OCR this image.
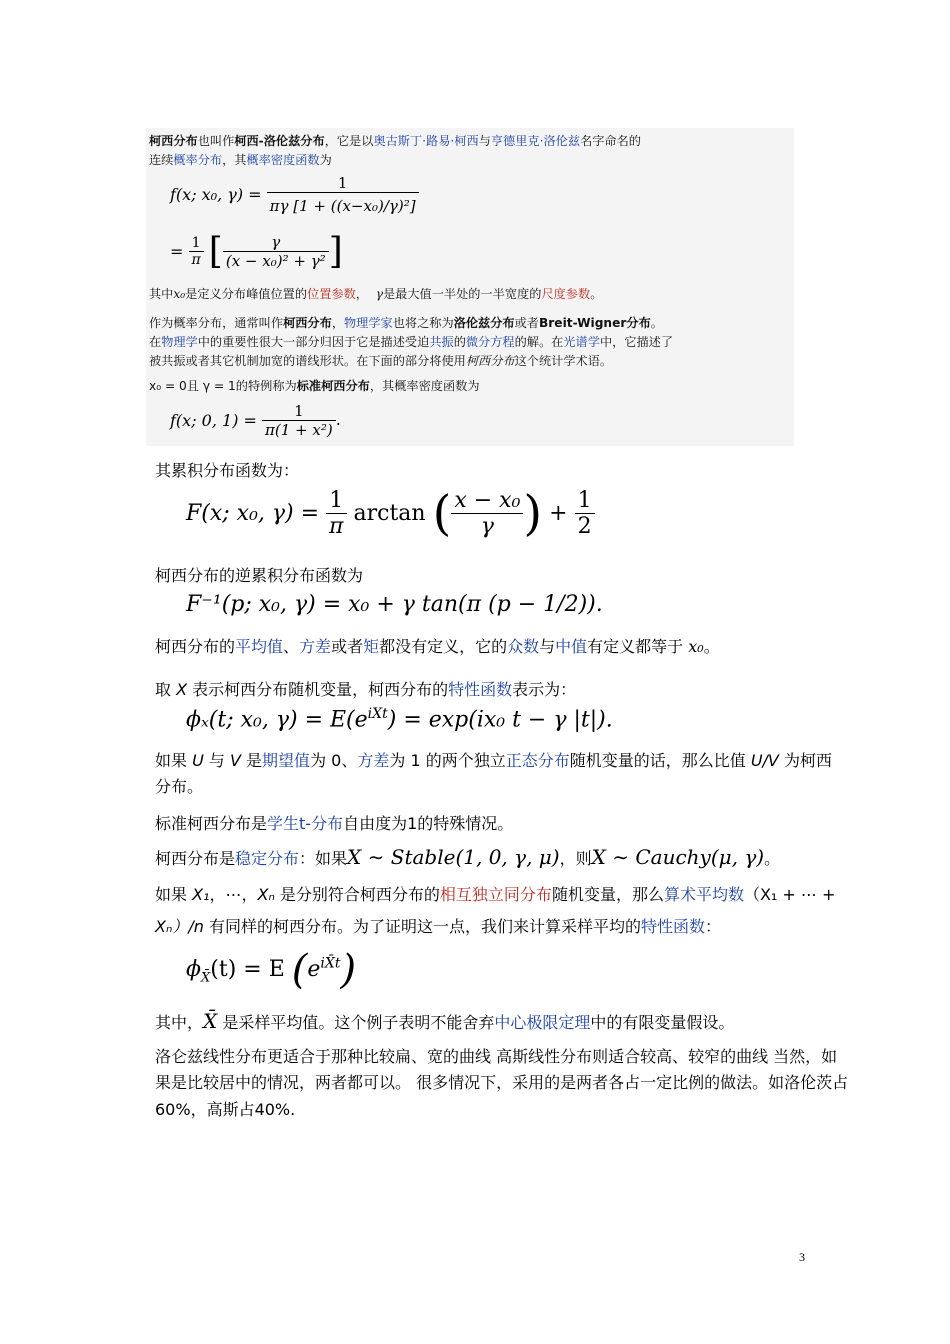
柯西分布也叫作柯西-洛伦兹分布，它是以奥古斯丁·路易·柯西与亨德里克·洛伦兹名字命名的
连续概率分布，其概率密度函数为
f(x; x₀, $\gamma) = \frac{1}{\text{πγ [1 + ((x−x₀)/γ)²]}}$
= $\frac{1}{\pi}$ [ $\frac{\gamma}{\text{(x − x₀)² + γ²}}$ ]
其中x₀是定义分布峰值位置的位置参数， γ是最大值一半处的一半宽度的尺度参数。
作为概率分布，通常叫作柯西分布，物理学家也将之称为洛伦兹分布或者Breit-Wigner分布。
在物理学中的重要性很大一部分归因于它是描述受迫共振的微分方程的解。在光谱学中，它描述了
被共振或者其它机制加宽的谱线形状。在下面的部分将使用柯西分布这个统计学术语。
x₀ = 0且 γ = 1的特例称为标准柯西分布，其概率密度函数为
f(x; 0, $1) = \frac{1}{\text{π(1 + x²)}}$ .
其累积分布函数为：
F(x; x₀, $\gamma) = \frac{1}{\pi}$ arctan ( $\frac{\text{x − x₀}}{\gamma}$ ) + $\frac{1}{2}$
柯西分布的逆累积分布函数为
F⁻¹(p; x₀, γ) = x₀ + γ tan(π (p − 1/2)).
柯西分布的平均值、方差或者矩都没有定义，它的众数与中值有定义都等于 x₀。
取 X 表示柯西分布随机变量，柯西分布的特性函数表示为：
ϕₓ(t; x₀, $\gamma) = E(e^{iXt}) = \exp(ix_0$ t − γ |t|).
如果 U 与 V 是期望值为 0、方差为 1 的两个独立正态分布随机变量的话，那么比值 U/V 为柯西
分布。
标准柯西分布是学生t-分布自由度为1的特殊情况。
柯西分布是稳定分布：如果X ∼ Stable(1, 0, γ, μ)，则X ∼ Cauchy(μ, γ)。
如果 X₁，⋯，Xₙ 是分别符合柯西分布的相互独立同分布随机变量，那么算术平均数（X₁ + ⋯ +
Xₙ）/n 有同样的柯西分布。为了证明这一点，我们来计算采样平均的特性函数：
$\phi_{X̄}(t) = E$ $(e^{iX̄t})$
其中，X̄ 是采样平均值。这个例子表明不能舍弃中心极限定理中的有限变量假设。
洛仑兹线性分布更适合于那种比较扁、宽的曲线 高斯线性分布则适合较高、较窄的曲线 当然，如
果是比较居中的情况，两者都可以。 很多情况下，采用的是两者各占一定比例的做法。如洛伦茨占
60%，高斯占40%.
3
